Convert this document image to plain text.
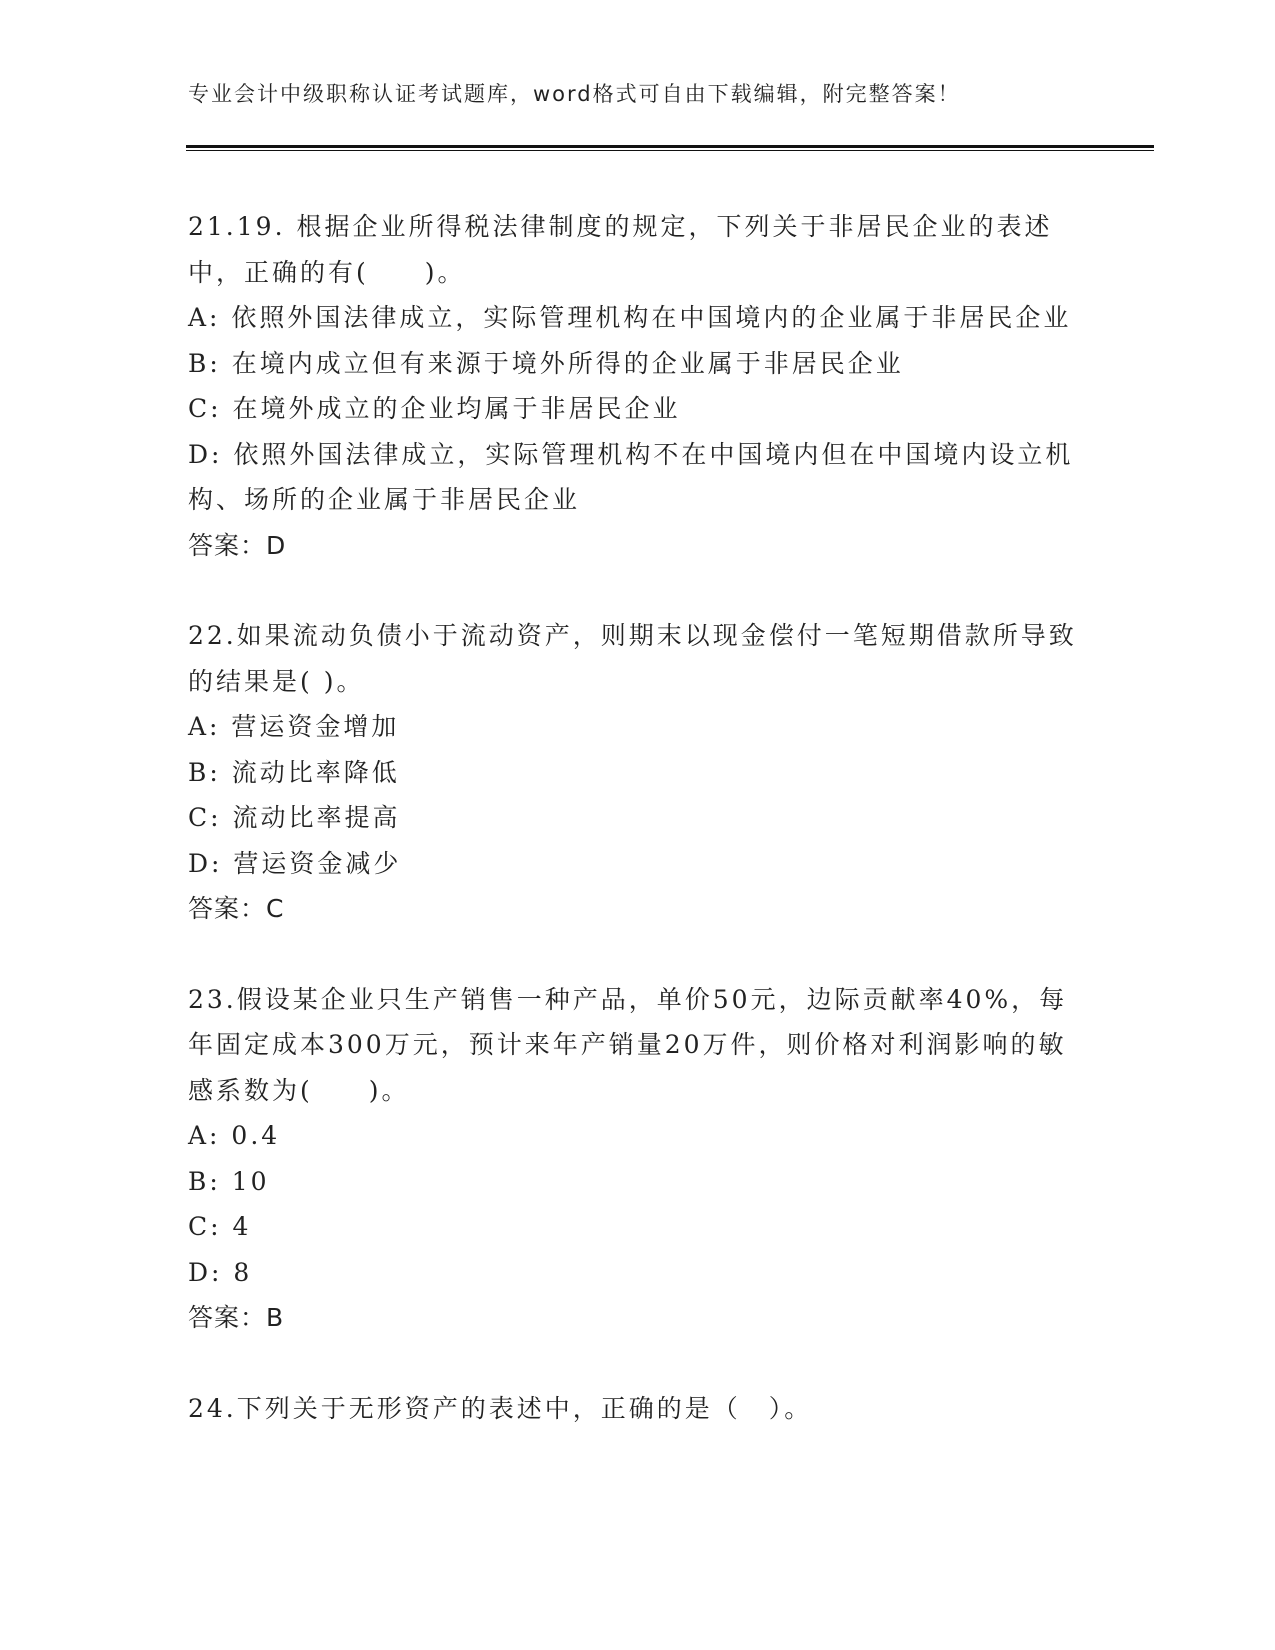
专业会计中级职称认证考试题库，word格式可自由下载编辑，附完整答案！

21.19. 根据企业所得税法律制度的规定，下列关于非居民企业的表述中，正确的有(　　)。

A: 依照外国法律成立，实际管理机构在中国境内的企业属于非居民企业

B: 在境内成立但有来源于境外所得的企业属于非居民企业

C: 在境外成立的企业均属于非居民企业

D: 依照外国法律成立，实际管理机构不在中国境内但在中国境内设立机构、场所的企业属于非居民企业

答案：D

22.如果流动负债小于流动资产，则期末以现金偿付一笔短期借款所导致的结果是( )。

A: 营运资金增加

B: 流动比率降低

C: 流动比率提高

D: 营运资金减少

答案：C

23.假设某企业只生产销售一种产品，单价50元，边际贡献率40%，每年固定成本300万元，预计来年产销量20万件，则价格对利润影响的敏感系数为(　　)。

A: 0.4

B: 10

C: 4

D: 8

答案：B

24.下列关于无形资产的表述中，正确的是（　）。
